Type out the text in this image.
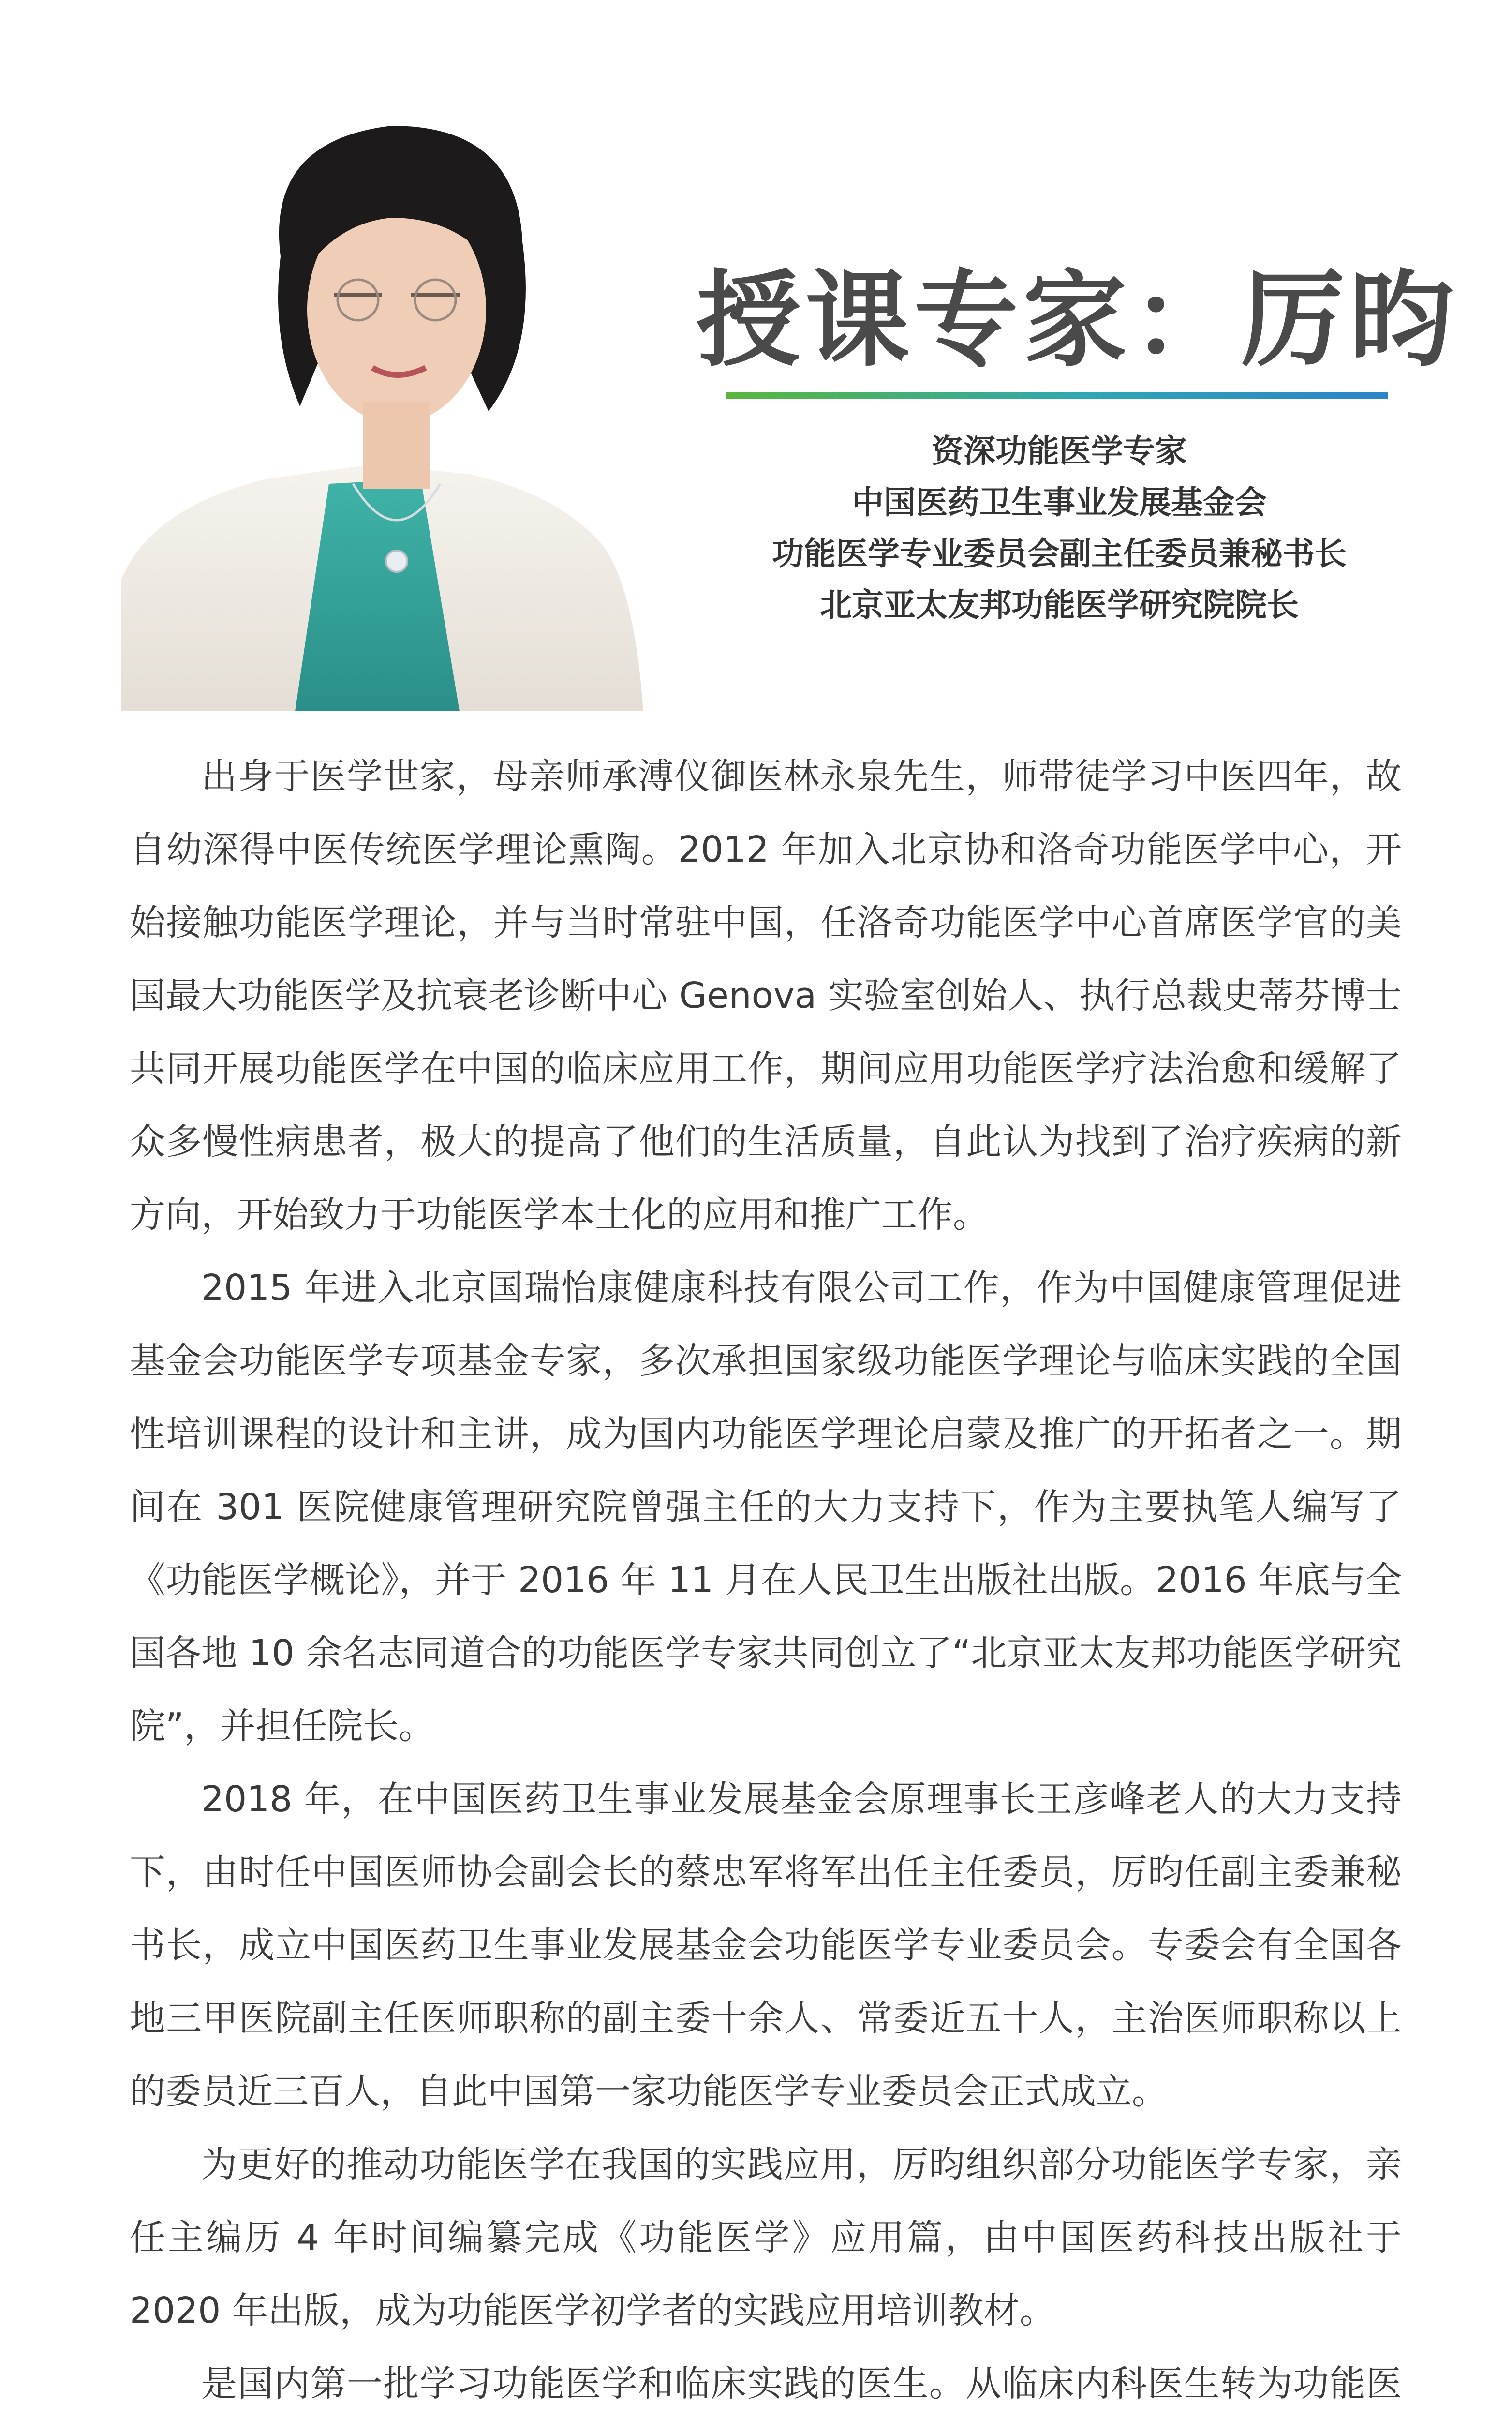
授课专家：厉昀
资深功能医学专家
中国医药卫生事业发展基金会
功能医学专业委员会副主任委员兼秘书长
北京亚太友邦功能医学研究院院长

出身于医学世家，母亲师承溥仪御医林永泉先生，师带徒学习中医四年，故自幼深得中医传统医学理论熏陶。2012 年加入北京协和洛奇功能医学中心，开始接触功能医学理论，并与当时常驻中国，任洛奇功能医学中心首席医学官的美国最大功能医学及抗衰老诊断中心 Genova 实验室创始人、执行总裁史蒂芬博士共同开展功能医学在中国的临床应用工作，期间应用功能医学疗法治愈和缓解了众多慢性病患者，极大的提高了他们的生活质量，自此认为找到了治疗疾病的新方向，开始致力于功能医学本土化的应用和推广工作。

2015 年进入北京国瑞怡康健康科技有限公司工作，作为中国健康管理促进基金会功能医学专项基金专家，多次承担国家级功能医学理论与临床实践的全国性培训课程的设计和主讲，成为国内功能医学理论启蒙及推广的开拓者之一。期间在 301 医院健康管理研究院曾强主任的大力支持下，作为主要执笔人编写了《功能医学概论》，并于 2016 年 11 月在人民卫生出版社出版。2016 年底与全国各地 10 余名志同道合的功能医学专家共同创立了“北京亚太友邦功能医学研究院”，并担任院长。

2018 年，在中国医药卫生事业发展基金会原理事长王彦峰老人的大力支持下，由时任中国医师协会副会长的蔡忠军将军出任主任委员，厉昀任副主委兼秘书长，成立中国医药卫生事业发展基金会功能医学专业委员会。专委会有全国各地三甲医院副主任医师职称的副主委十余人、常委近五十人，主治医师职称以上的委员近三百人，自此中国第一家功能医学专业委员会正式成立。

为更好的推动功能医学在我国的实践应用，厉昀组织部分功能医学专家，亲任主编历 4 年时间编纂完成《功能医学》应用篇，由中国医药科技出版社于 2020 年出版，成为功能医学初学者的实践应用培训教材。

是国内第一批学习功能医学和临床实践的医生。从临床内科医生转为功能医
